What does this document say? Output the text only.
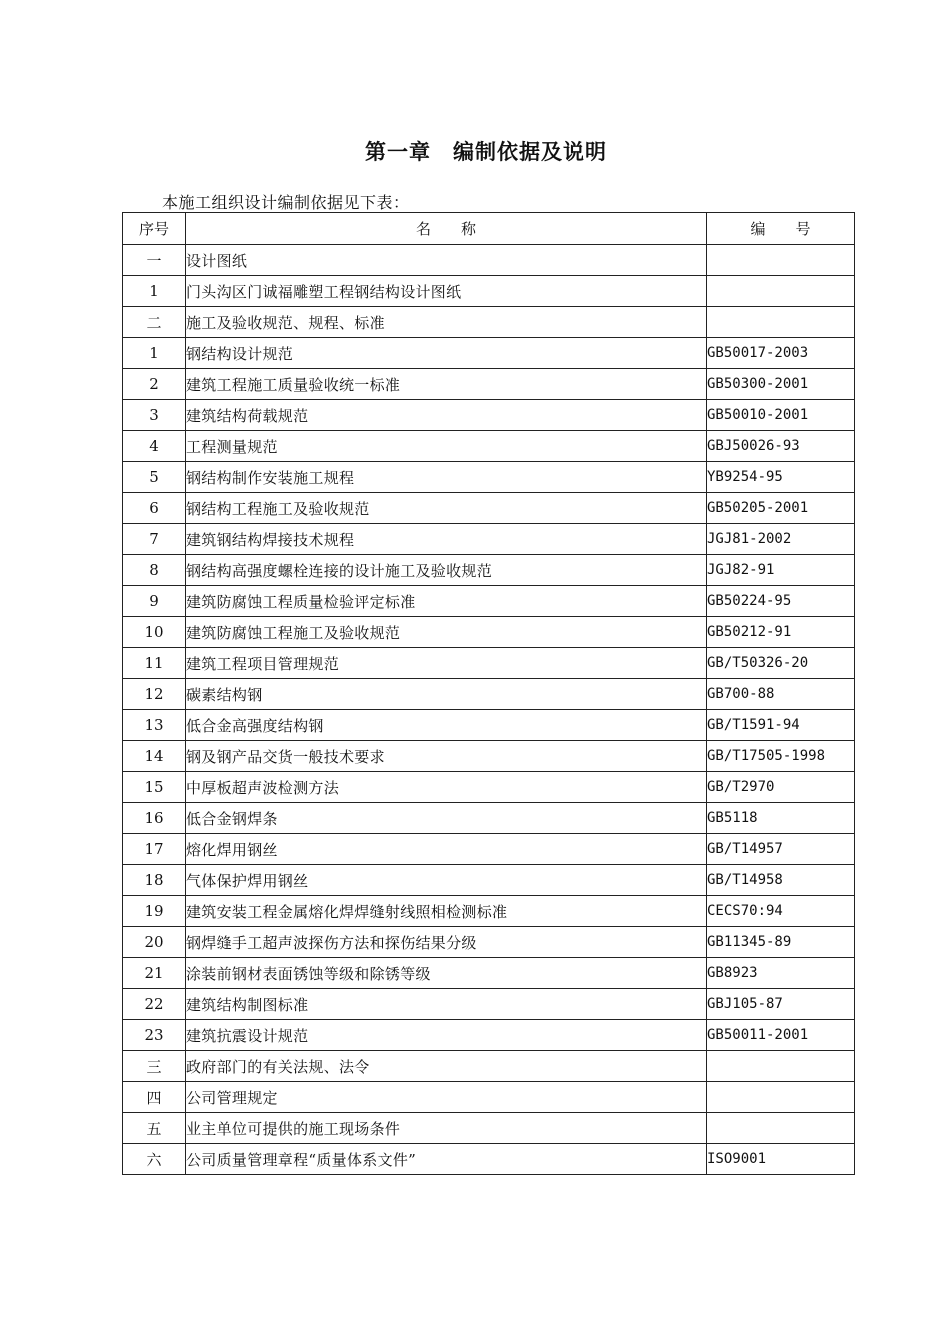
第一章　编制依据及说明
本施工组织设计编制依据见下表：
序号	名　　称	编　　号
一	设计图纸	
1	门头沟区门诚福雕塑工程钢结构设计图纸	
二	施工及验收规范、规程、标准	
1	钢结构设计规范	GB50017-2003
2	建筑工程施工质量验收统一标准	GB50300-2001
3	建筑结构荷载规范	GB50010-2001
4	工程测量规范	GBJ50026-93
5	钢结构制作安装施工规程	YB9254-95
6	钢结构工程施工及验收规范	GB50205-2001
7	建筑钢结构焊接技术规程	JGJ81-2002
8	钢结构高强度螺栓连接的设计施工及验收规范	JGJ82-91
9	建筑防腐蚀工程质量检验评定标准	GB50224-95
10	建筑防腐蚀工程施工及验收规范	GB50212-91
11	建筑工程项目管理规范	GB/T50326-20
12	碳素结构钢	GB700-88
13	低合金高强度结构钢	GB/T1591-94
14	钢及钢产品交货一般技术要求	GB/T17505-1998
15	中厚板超声波检测方法	GB/T2970
16	低合金钢焊条	GB5118
17	熔化焊用钢丝	GB/T14957
18	气体保护焊用钢丝	GB/T14958
19	建筑安装工程金属熔化焊焊缝射线照相检测标准	CECS70:94
20	钢焊缝手工超声波探伤方法和探伤结果分级	GB11345-89
21	涂装前钢材表面锈蚀等级和除锈等级	GB8923
22	建筑结构制图标准	GBJ105-87
23	建筑抗震设计规范	GB50011-2001
三	政府部门的有关法规、法令	
四	公司管理规定	
五	业主单位可提供的施工现场条件	
六	公司质量管理章程“质量体系文件”	ISO9001
